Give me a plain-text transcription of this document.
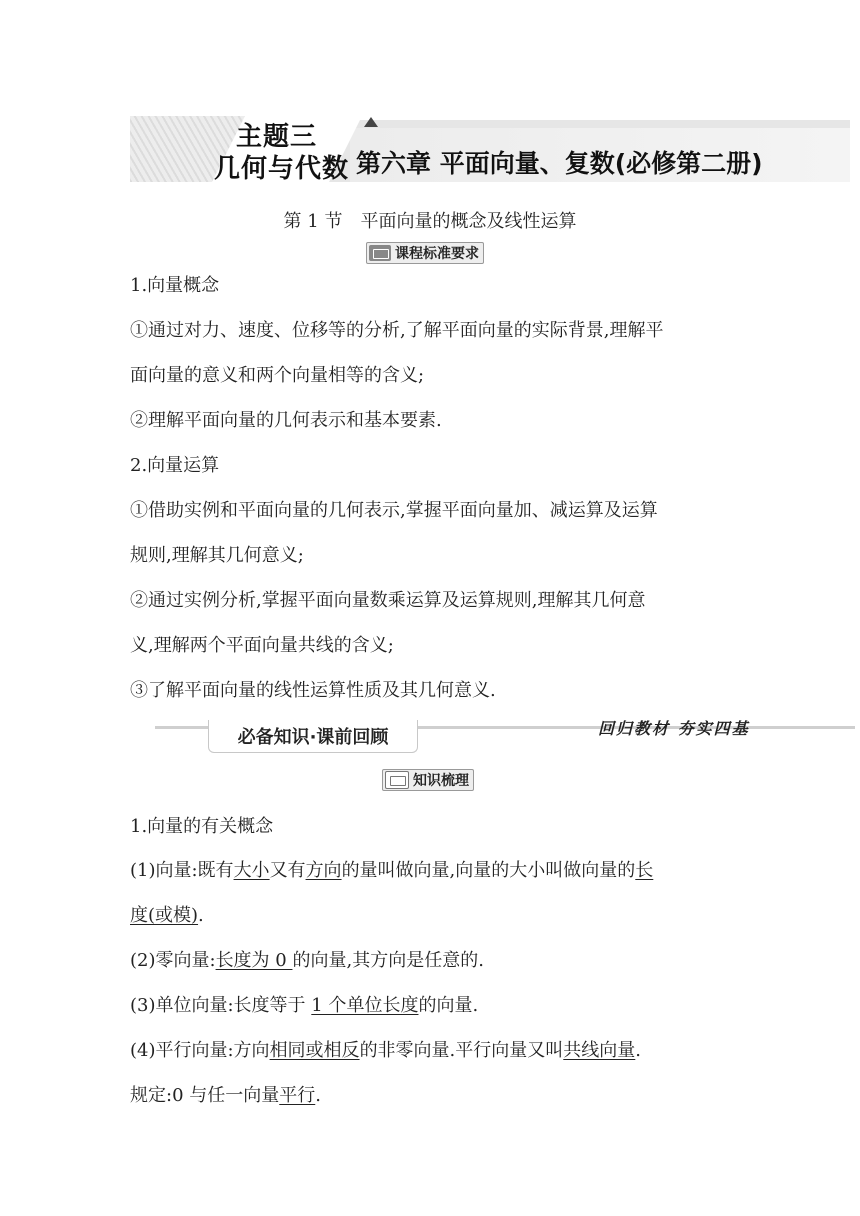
主题三
几何与代数 第六章 平面向量、复数(必修第二册)
第 1 节 平面向量的概念及线性运算
课程标准要求
1.向量概念
①通过对力、速度、位移等的分析,了解平面向量的实际背景,理解平
面向量的意义和两个向量相等的含义;
②理解平面向量的几何表示和基本要素.
2.向量运算
①借助实例和平面向量的几何表示,掌握平面向量加、减运算及运算
规则,理解其几何意义;
②通过实例分析,掌握平面向量数乘运算及运算规则,理解其几何意
义,理解两个平面向量共线的含义;
③了解平面向量的线性运算性质及其几何意义.
必备知识·课前回顾	回归教材 夯实四基
知识梳理
1.向量的有关概念
(1)向量:既有大小又有方向的量叫做向量,向量的大小叫做向量的长
度(或模).
(2)零向量:长度为 0 的向量,其方向是任意的.
(3)单位向量:长度等于 1 个单位长度的向量.
(4)平行向量:方向相同或相反的非零向量.平行向量又叫共线向量.
规定:0 与任一向量平行.
